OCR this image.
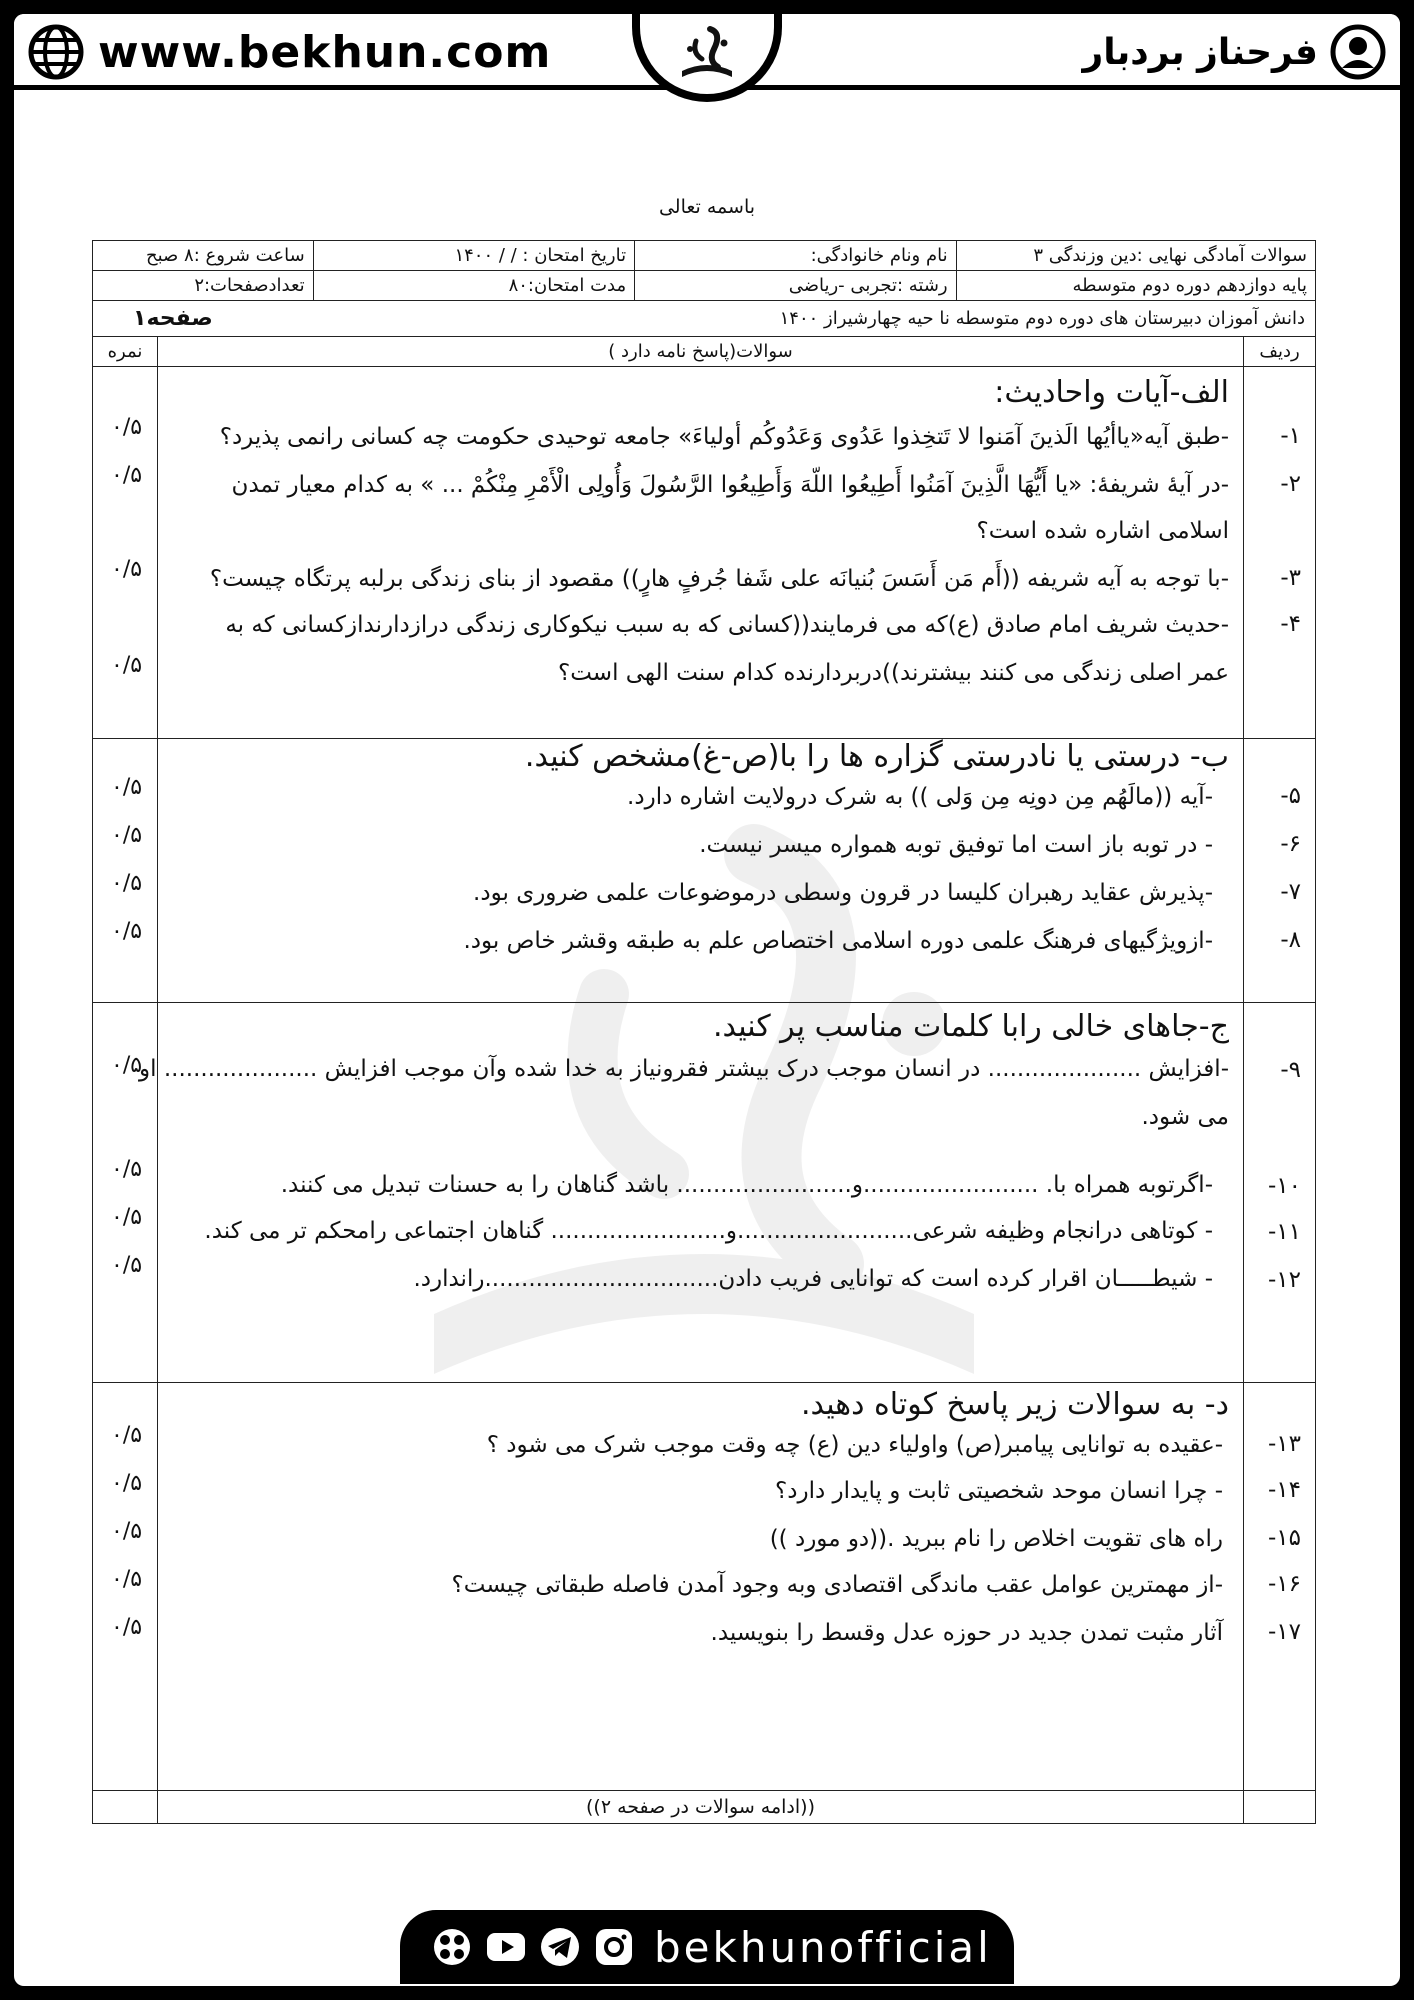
www.bekhun.com	فرحناز بردبار
باسمه تعالی
سوالات آمادگی نهایی :دین وزندگی ۳
نام ونام خانوادگی:
تاریخ امتحان : / / ۱۴۰۰
ساعت شروع :۸ صبح
پایه دوازدهم دوره دوم متوسطه
رشته :تجربی -ریاضی
مدت امتحان:۸۰
تعدادصفحات:۲
دانش آموزان دبیرستان های دوره دوم متوسطه نا حیه چهارشیراز ۱۴۰۰
صفحه۱
ردیف
سوالات(پاسخ نامه دارد )
نمره
۱-
۲-
۳-
۴-
الف-آیات واحادیث:
-طبق آیه«یاأیُها الَذینَ آمَنوا لا تَتخِذوا عَدُوی وَعَدُوکُم أولیاءَ» جامعه توحیدی حکومت چه کسانی رانمی پذیرد؟
-در آیهٔ شریفهٔ: «یا أَیُّهَا الَّذِینَ آمَنُوا أَطِیعُوا اللّهَ وَأَطِیعُوا الرَّسُولَ وَأُولِی الْأَمْرِ مِنْکُمْ ... » به کدام معیار تمدن
اسلامی اشاره شده است؟
-با توجه به آیه شریفه ((أَم مَن أَسَسَ بُنیانَه علی شَفا جُرفٍ هارٍ)) مقصود از بنای زندگی برلبه پرتگاه چیست؟
-حدیث شریف امام صادق (ع)که می فرمایند((کسانی که به سبب نیکوکاری زندگی درازدارندازکسانی که به
عمر اصلی زندگی می کنند بیشترند))دربردارنده کدام سنت الهی است؟
۰/۵
۰/۵
۰/۵
۰/۵
۵-
۶-
۷-
۸-
ب- درستی یا نادرستی گزاره ها را با(ص-غ)مشخص کنید.
-آیه ((مالَهُم مِن دونِه مِن وَلی )) به شرک درولایت اشاره دارد.
- در توبه باز است اما توفیق توبه همواره میسر نیست.
-پذیرش عقاید رهبران کلیسا در قرون وسطی درموضوعات علمی ضروری بود.
-ازویژگیهای فرهنگ علمی دوره اسلامی اختصاص علم به طبقه وقشر خاص بود.
۰/۵
۰/۵
۰/۵
۰/۵
۹-
۱۰-
۱۱-
۱۲-
ج-جاهای خالی رابا کلمات مناسب پر کنید.
-افزایش ..................... در انسان موجب درک بیشتر فقرونیاز به خدا شده وآن موجب افزایش ..................... او
می شود.
-اگرتوبه همراه با. ........................و........................ باشد گناهان را به حسنات تبدیل می کنند.
- کوتاهی درانجام وظیفه شرعی........................و........................ گناهان اجتماعی رامحکم تر می کند.
- شیطـــــان اقرار کرده است که توانایی فریب دادن................................راندارد.
۰/۵
۰/۵
۰/۵
۰/۵
۱۳-
۱۴-
۱۵-
۱۶-
۱۷-
د- به سوالات زیر پاسخ کوتاه دهید.
-عقیده به توانایی پیامبر(ص) واولیاء دین (ع) چه وقت موجب شرک می شود ؟
- چرا انسان موحد شخصیتی ثابت و پایدار دارد؟
راه های تقویت اخلاص را نام ببرید .((دو مورد ))
-از مهمترین عوامل عقب ماندگی اقتصادی وبه وجود آمدن فاصله طبقاتی چیست؟
آثار مثبت تمدن جدید در حوزه عدل وقسط را بنویسید.
۰/۵
۰/۵
۰/۵
۰/۵
۰/۵
((ادامه سوالات در صفحه ۲))
bekhunofficial
